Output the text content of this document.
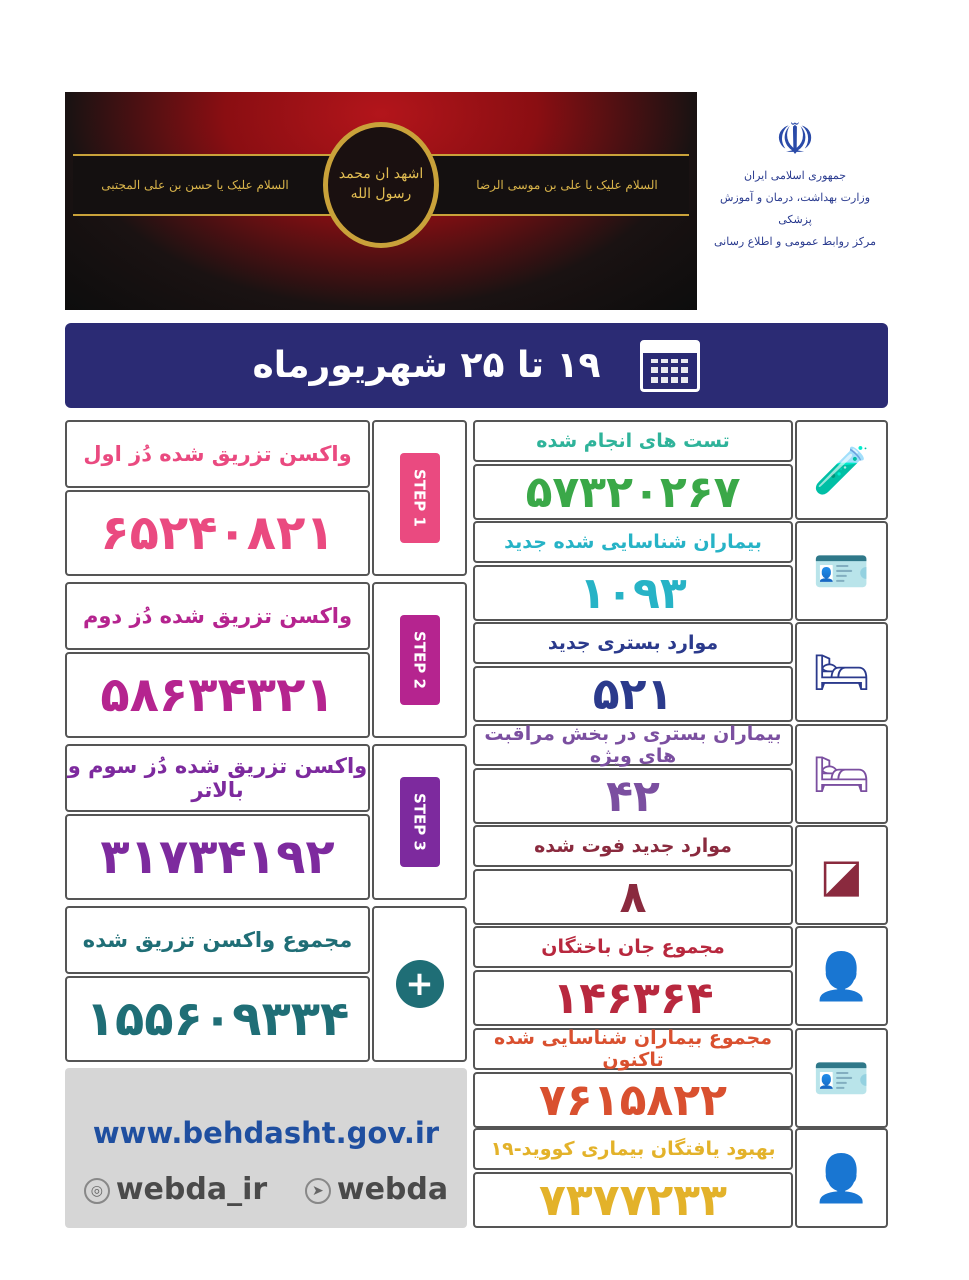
السلام علیک یا حسن بن علی المجتبی	السلام علیک یا علی بن موسی الرضا
اشهد ان محمد رسول الله

☫

جمهوری اسلامی ایران
وزارت بهداشت، درمان و آموزش پزشکی
مرکز روابط عمومی و اطلاع رسانی
۱۹ تا ۲۵ شهریورماه
تست های انجام شده
۵۷۳۲۰۲۶۷	🧪
بیماران شناسایی شده جدید
۱۰۹۳	🪪
موارد بستری جدید
۵۲۱	🛏
بیماران بستری در بخش مراقبت های ویژه
۴۲	🛏
موارد جدید فوت شده
۸	◪
مجموع جان باختگان
۱۴۶۳۶۴	👤
مجموع بیماران شناسایی شده تاکنون
۷۶۱۵۸۲۲	🪪
بهبود یافتگان بیماری کووید-۱۹
۷۳۷۷۲۳۳	👤
واکسن تزریق شده دُز اول
۶۵۲۴۰۸۲۱
STEP 1
واکسن تزریق شده دُز دوم
۵۸۶۳۴۳۲۱
STEP 2
واکسن تزریق شده دُز سوم و بالاتر
۳۱۷۳۴۱۹۲
STEP 3
مجموع واکسن تزریق شده
۱۵۵۶۰۹۳۳۴
+
www.behdasht.gov.ir
◎ webda_ir	➤ webda
